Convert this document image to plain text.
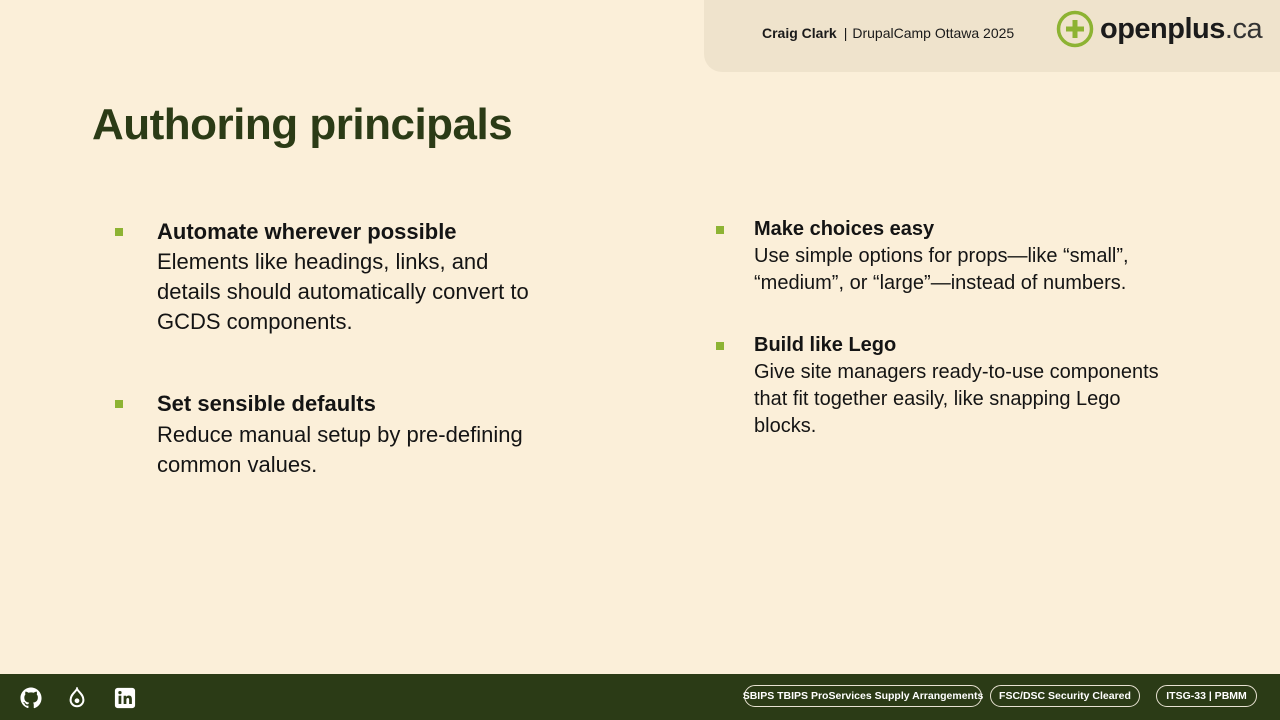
Craig Clark | DrupalCamp Ottawa 2025	openplus.ca
Authoring principals
Automate wherever possible
Elements like headings, links, and
details should automatically convert to
GCDS components.
Set sensible defaults
Reduce manual setup by pre-defining
common values.
Make choices easy
Use simple options for props—like “small”,
“medium”, or “large”—instead of numbers.
Build like Lego
Give site managers ready-to-use components
that fit together easily, like snapping Lego
blocks.
SBIPS TBIPS ProServices Supply Arrangements	FSC/DSC Security Cleared	ITSG-33 | PBMM
